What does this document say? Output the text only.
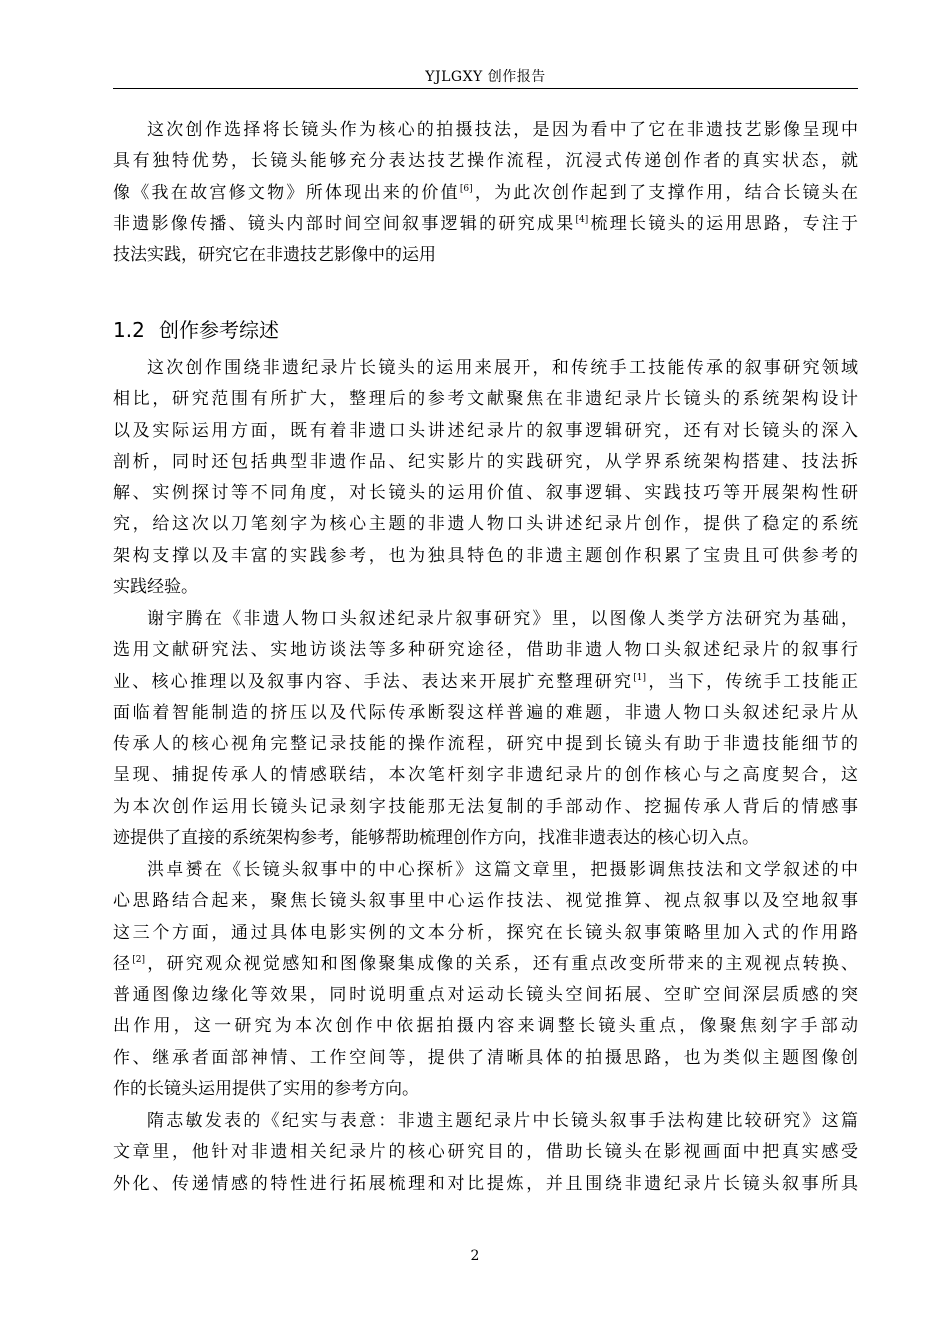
YJLGXY 创作报告
这次创作选择将长镜头作为核心的拍摄技法，是因为看中了它在非遗技艺影像呈现中
具有独特优势，长镜头能够充分表达技艺操作流程，沉浸式传递创作者的真实状态，就
像《我在故宫修文物》所体现出来的价值[6]，为此次创作起到了支撑作用，结合长镜头在
非遗影像传播、镜头内部时间空间叙事逻辑的研究成果[4]梳理长镜头的运用思路，专注于
技法实践，研究它在非遗技艺影像中的运用
1.2 创作参考综述
这次创作围绕非遗纪录片长镜头的运用来展开，和传统手工技能传承的叙事研究领域
相比，研究范围有所扩大，整理后的参考文献聚焦在非遗纪录片长镜头的系统架构设计
以及实际运用方面，既有着非遗口头讲述纪录片的叙事逻辑研究，还有对长镜头的深入
剖析，同时还包括典型非遗作品、纪实影片的实践研究，从学界系统架构搭建、技法拆
解、实例探讨等不同角度，对长镜头的运用价值、叙事逻辑、实践技巧等开展架构性研
究，给这次以刀笔刻字为核心主题的非遗人物口头讲述纪录片创作，提供了稳定的系统
架构支撑以及丰富的实践参考，也为独具特色的非遗主题创作积累了宝贵且可供参考的
实践经验。
谢宇腾在《非遗人物口头叙述纪录片叙事研究》里，以图像人类学方法研究为基础，
选用文献研究法、实地访谈法等多种研究途径，借助非遗人物口头叙述纪录片的叙事行
业、核心推理以及叙事内容、手法、表达来开展扩充整理研究[1]，当下，传统手工技能正
面临着智能制造的挤压以及代际传承断裂这样普遍的难题，非遗人物口头叙述纪录片从
传承人的核心视角完整记录技能的操作流程，研究中提到长镜头有助于非遗技能细节的
呈现、捕捉传承人的情感联结，本次笔杆刻字非遗纪录片的创作核心与之高度契合，这
为本次创作运用长镜头记录刻字技能那无法复制的手部动作、挖掘传承人背后的情感事
迹提供了直接的系统架构参考，能够帮助梳理创作方向，找准非遗表达的核心切入点。
洪卓赟在《长镜头叙事中的中心探析》这篇文章里，把摄影调焦技法和文学叙述的中
心思路结合起来，聚焦长镜头叙事里中心运作技法、视觉推算、视点叙事以及空地叙事
这三个方面，通过具体电影实例的文本分析，探究在长镜头叙事策略里加入式的作用路
径[2]，研究观众视觉感知和图像聚集成像的关系，还有重点改变所带来的主观视点转换、
普通图像边缘化等效果，同时说明重点对运动长镜头空间拓展、空旷空间深层质感的突
出作用，这一研究为本次创作中依据拍摄内容来调整长镜头重点，像聚焦刻字手部动
作、继承者面部神情、工作空间等，提供了清晰具体的拍摄思路，也为类似主题图像创
作的长镜头运用提供了实用的参考方向。
隋志敏发表的《纪实与表意：非遗主题纪录片中长镜头叙事手法构建比较研究》这篇
文章里，他针对非遗相关纪录片的核心研究目的，借助长镜头在影视画面中把真实感受
外化、传递情感的特性进行拓展梳理和对比提炼，并且围绕非遗纪录片长镜头叙事所具
2
